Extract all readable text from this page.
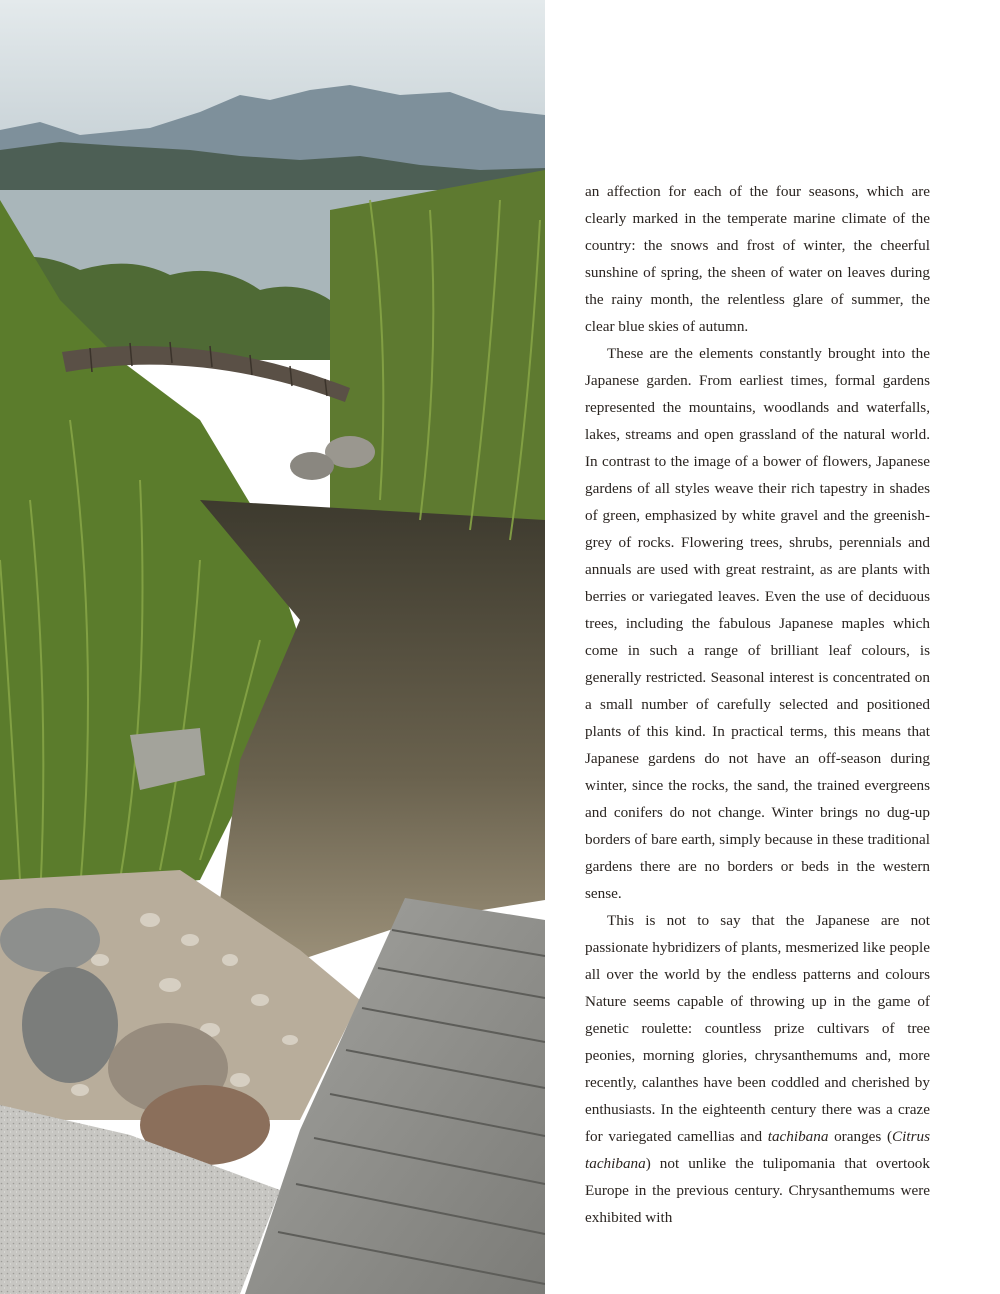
an affection for each of the four seasons, which are clearly marked in the temperate marine climate of the country: the snows and frost of winter, the cheerful sunshine of spring, the sheen of water on leaves during the rainy month, the relentless glare of summer, the clear blue skies of autumn.

These are the elements constantly brought into the Japanese garden. From earliest times, formal gardens represented the mountains, woodlands and waterfalls, lakes, streams and open grassland of the natural world. In contrast to the image of a bower of flowers, Japanese gardens of all styles weave their rich tapestry in shades of green, emphasized by white gravel and the greenish-grey of rocks. Flowering trees, shrubs, perennials and annuals are used with great restraint, as are plants with berries or variegated leaves. Even the use of deciduous trees, including the fabulous Japanese maples which come in such a range of brilliant leaf colours, is generally restricted. Seasonal interest is concentrated on a small number of carefully selected and positioned plants of this kind. In practical terms, this means that Japanese gardens do not have an off-season during winter, since the rocks, the sand, the trained evergreens and conifers do not change. Winter brings no dug-up borders of bare earth, simply because in these traditional gardens there are no borders or beds in the western sense.

This is not to say that the Japanese are not passionate hybridizers of plants, mesmerized like people all over the world by the endless patterns and colours Nature seems capable of throwing up in the game of genetic roulette: countless prize cultivars of tree peonies, morning glories, chrysanthemums and, more recently, calanthes have been coddled and cherished by enthusiasts. In the eighteenth century there was a craze for variegated camellias and tachibana oranges (Citrus tachibana) not unlike the tulipomania that overtook Europe in the previous century. Chrysanthemums were exhibited with
